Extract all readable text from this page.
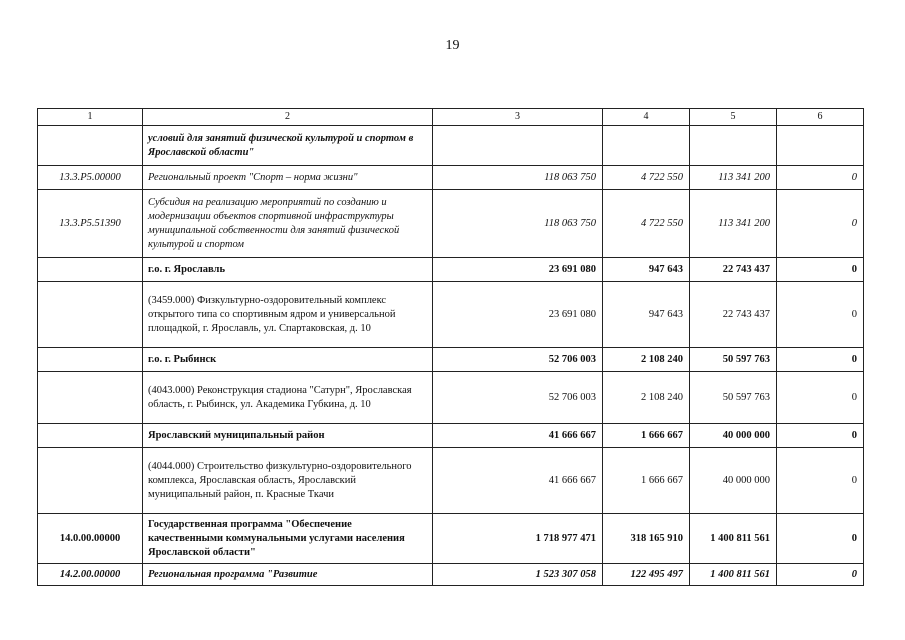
19
1	2	3	4	5	6
	условий для занятий физической культурой и спортом в Ярославской области"				
13.3.P5.00000	Региональный проект "Спорт – норма жизни"	118 063 750	4 722 550	113 341 200	0
13.3.P5.51390	Субсидия на реализацию мероприятий по созданию и модернизации объектов спортивной инфраструктуры муниципальной собственности для занятий физической культурой и спортом	118 063 750	4 722 550	113 341 200	0
	г.о. г. Ярославль	23 691 080	947 643	22 743 437	0
	(3459.000) Физкультурно-оздоровительный комплекс открытого типа со спортивным ядром и универсальной площадкой, г. Ярославль, ул. Спартаковская, д. 10	23 691 080	947 643	22 743 437	0
	г.о. г. Рыбинск	52 706 003	2 108 240	50 597 763	0
	(4043.000) Реконструкция стадиона "Сатурн", Ярославская область, г. Рыбинск, ул. Академика Губкина, д. 10	52 706 003	2 108 240	50 597 763	0
	Ярославский муниципальный район	41 666 667	1 666 667	40 000 000	0
	(4044.000) Строительство физкультурно-оздоровительного комплекса, Ярославская область, Ярославский муниципальный район, п. Красные Ткачи	41 666 667	1 666 667	40 000 000	0
14.0.00.00000	Государственная программа "Обеспечение качественными коммунальными услугами населения Ярославской области"	1 718 977 471	318 165 910	1 400 811 561	0
14.2.00.00000	Региональная программа "Развитие	1 523 307 058	122 495 497	1 400 811 561	0
